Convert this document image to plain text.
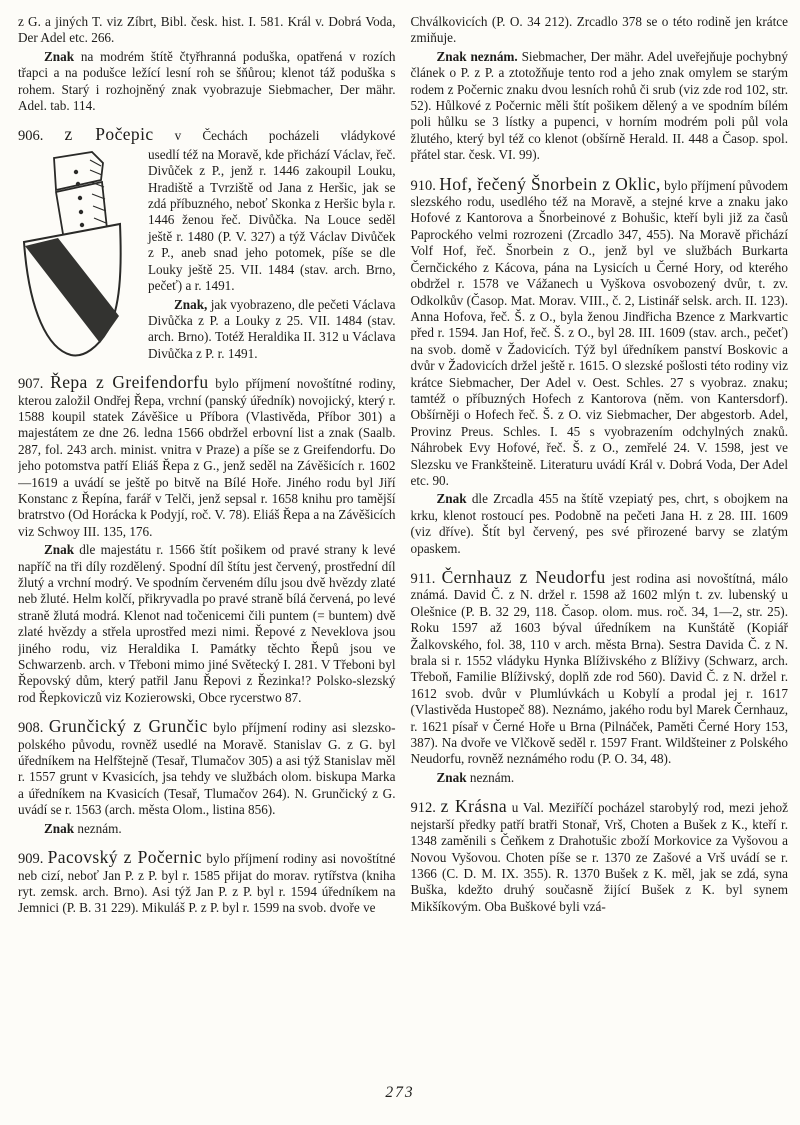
z G. a jiných T. viz Zíbrt, Bibl. česk. hist. I. 581. Král v. Dobrá Voda, Der Adel etc. 266.

Znak na modrém štítě čtyřhranná poduška, opatřená v rozích třapci a na podušce ležící lesní roh se šňůrou; klenot táž poduška s rohem. Starý i rozhojněný znak vyobrazuje Siebmacher, Der mähr. Adel. tab. 114.

906. z Počepic v Čechách pocházeli vládykové

usedlí též na Moravě, kde přichází Václav, řeč. Divůček z P., jenž r. 1446 zakoupil Louku, Hradiště a Tvrziště od Jana z Heršic, jak se zdá příbuzného, neboť Skonka z Heršic byla r. 1446 ženou řeč. Divůčka. Na Louce seděl ještě r. 1480 (P. V. 327) a týž Václav Divůček z P., aneb snad jeho potomek, píše se dle Louky ještě 25. VII. 1484 (stav. arch. Brno, pečeť) a r. 1491.

Znak, jak vyobrazeno, dle pečeti Václava Divůčka z P. a Louky z 25. VII. 1484 (stav. arch. Brno). Totéž Heraldika II. 312 u Václava Divůčka z P. r. 1491.

907. Řepa z Greifendorfu bylo příjmení novoštítné rodiny, kterou založil Ondřej Řepa, vrchní (panský úředník) novojický, který r. 1588 koupil statek Závěšice u Příbora (Vlastivěda, Příbor 301) a majestátem ze dne 26. ledna 1566 obdržel erbovní list a znak (Saalb. 287, fol. 243 arch. minist. vnitra v Praze) a píše se z Greifendorfu. Do jeho potomstva patří Eliáš Řepa z G., jenž seděl na Závěšicích r. 1602—1619 a uvádí se ještě po bitvě na Bílé Hoře. Jiného rodu byl Jiří Konstanc z Řepína, farář v Telči, jenž sepsal r. 1658 knihu pro tamější bratrstvo (Od Horácka k Podyjí, roč. V. 78). Eliáš Řepa a na Závěšicích viz Schwoy III. 135, 176.

Znak dle majestátu r. 1566 štít pošikem od pravé strany k levé napříč na tři díly rozdělený. Spodní díl štítu jest červený, prostřední díl žlutý a vrchní modrý. Ve spodním červeném dílu jsou dvě hvězdy zlaté neb žluté. Helm kolčí, přikryvadla po pravé straně bílá červená, po levé straně žlutá modrá. Klenot nad točenicemi čili puntem (= buntem) dvě zlaté hvězdy a střela uprostřed mezi nimi. Řepové z Neveklova jsou jiného rodu, viz Heraldika I. Památky těchto Řepů jsou ve Schwarzenb. arch. v Třeboni mimo jiné Světecký I. 281. V Třeboni byl Řepovský dům, který patřil Janu Řepovi z Řezinka!? Polsko-slezský rod Řepkoviczů viz Kozierowski, Obce rycerstwo 87.

908. Grunčický z Grunčic bylo příjmení rodiny asi slezsko-polského původu, rovněž usedlé na Moravě. Stanislav G. z G. byl úředníkem na Helfštejně (Tesař, Tlumačov 305) a asi týž Stanislav měl r. 1557 grunt v Kvasicích, jsa tehdy ve službách olom. biskupa Marka a úředníkem na Kvasicích (Tesař, Tlumačov 264). N. Grunčický z G. uvádí se r. 1563 (arch. města Olom., listina 856).

Znak neznám.

909. Pacovský z Počernic bylo příjmení rodiny asi novoštítné neb cizí, neboť Jan P. z P. byl r. 1585 přijat do morav. rytířstva (kniha ryt. zemsk. arch. Brno). Asi týž Jan P. z P. byl r. 1594 úředníkem na Jemnici (P. B. 31 229). Mikuláš P. z P. byl r. 1599 na svob. dvoře ve

Chválkovicích (P. O. 34 212). Zrcadlo 378 se o této rodině jen krátce zmiňuje.

Znak neznám. Siebmacher, Der mähr. Adel uveřejňuje pochybný článek o P. z P. a ztotožňuje tento rod a jeho znak omylem se starým rodem z Počernic znaku dvou lesních rohů či srub (viz zde rod 102, str. 52). Hůlkové z Počernic měli štít pošikem dělený a ve spodním bílém poli hůlku se 3 lístky a pupenci, v horním modrém poli půl vola žlutého, který byl též co klenot (obšírně Herald. II. 448 a Časop. spol. přátel star. česk. VI. 99).

910. Hof, řečený Šnorbein z Oklic, bylo příjmení původem slezského rodu, usedlého též na Moravě, a stejné krve a znaku jako Hofové z Kantorova a Šnorbeinové z Bohušic, kteří byli již za časů Paprockého velmi rozrozeni (Zrcadlo 347, 455). Na Moravě přichází Volf Hof, řeč. Šnorbein z O., jenž byl ve službách Burkarta Černčického z Kácova, pána na Lysicích u Černé Hory, od kterého obdržel r. 1578 ve Vážanech u Vyškova osvobozený dvůr, t. zv. Odkolkův (Časop. Mat. Morav. VIII., č. 2, Listinář selsk. arch. II. 123). Anna Hofova, řeč. Š. z O., byla ženou Jindřicha Bzence z Markvartic před r. 1594. Jan Hof, řeč. Š. z O., byl 28. III. 1609 (stav. arch., pečeť) na svob. domě v Žadovicích. Týž byl úředníkem panství Boskovic a dvůr v Žadovicích držel ještě r. 1615. O slezské pošlosti této rodiny viz krátce Siebmacher, Der Adel v. Oest. Schles. 27 s vyobraz. znaku; tamtéž o příbuzných Hofech z Kantorova (něm. von Kantersdorf). Obšírněji o Hofech řeč. Š. z O. viz Siebmacher, Der abgestorb. Adel, Provinz Preus. Schles. I. 45 s vyobrazením odchylných znaků. Náhrobek Evy Hofové, řeč. Š. z O., zemřelé 24. V. 1598, jest ve Slezsku ve Frankšteině. Literaturu uvádí Král v. Dobrá Voda, Der Adel etc. 90.

Znak dle Zrcadla 455 na štítě vzepiatý pes, chrt, s obojkem na krku, klenot rostoucí pes. Podobně na pečeti Jana H. z 28. III. 1609 (viz dříve). Štít byl červený, pes své přirozené barvy se zlatým opaskem.

911. Černhauz z Neudorfu jest rodina asi novoštítná, málo známá. David Č. z N. držel r. 1598 až 1602 mlýn t. zv. lubenský u Olešnice (P. B. 32 29, 118. Časop. olom. mus. roč. 34, 1—2, str. 25). Roku 1597 až 1603 býval úředníkem na Kunštátě (Kopiář Žalkovského, fol. 38, 110 v arch. města Brna). Sestra Davida Č. z N. brala si r. 1552 vládyku Hynka Blíživského z Blíživy (Schwarz, arch. Třeboň, Familie Blíživský, doplň zde rod 560). David Č. z N. držel r. 1612 svob. dvůr v Plumlúvkách u Kobylí a prodal jej r. 1617 (Vlastivěda Hustopeč 88). Neznámo, jakého rodu byl Marek Černhauz, r. 1621 písař v Černé Hoře u Brna (Pilnáček, Paměti Černé Hory 153, 387). Na dvoře ve Vlčkově seděl r. 1597 Frant. Wildšteiner z Polského Neudorfu, rovněž neznámého rodu (P. O. 34, 48).

Znak neznám.

912. z Krásna u Val. Meziříčí pocházel starobylý rod, mezi jehož nejstarší předky patří bratři Stonař, Vrš, Choten a Bušek z K., kteří r. 1348 zaměnili s Čeňkem z Drahotušic zboží Morkovice za Vyšovou a Novou Vyšovou. Choten píše se r. 1370 ze Zašové a Vrš uvádí se r. 1366 (C. D. M. IX. 355). R. 1370 Bušek z K. měl, jak se zdá, syna Buška, kdežto druhý současně žijící Bušek z K. byl synem Mikšíkovým. Oba Buškové byli vzá-

273
